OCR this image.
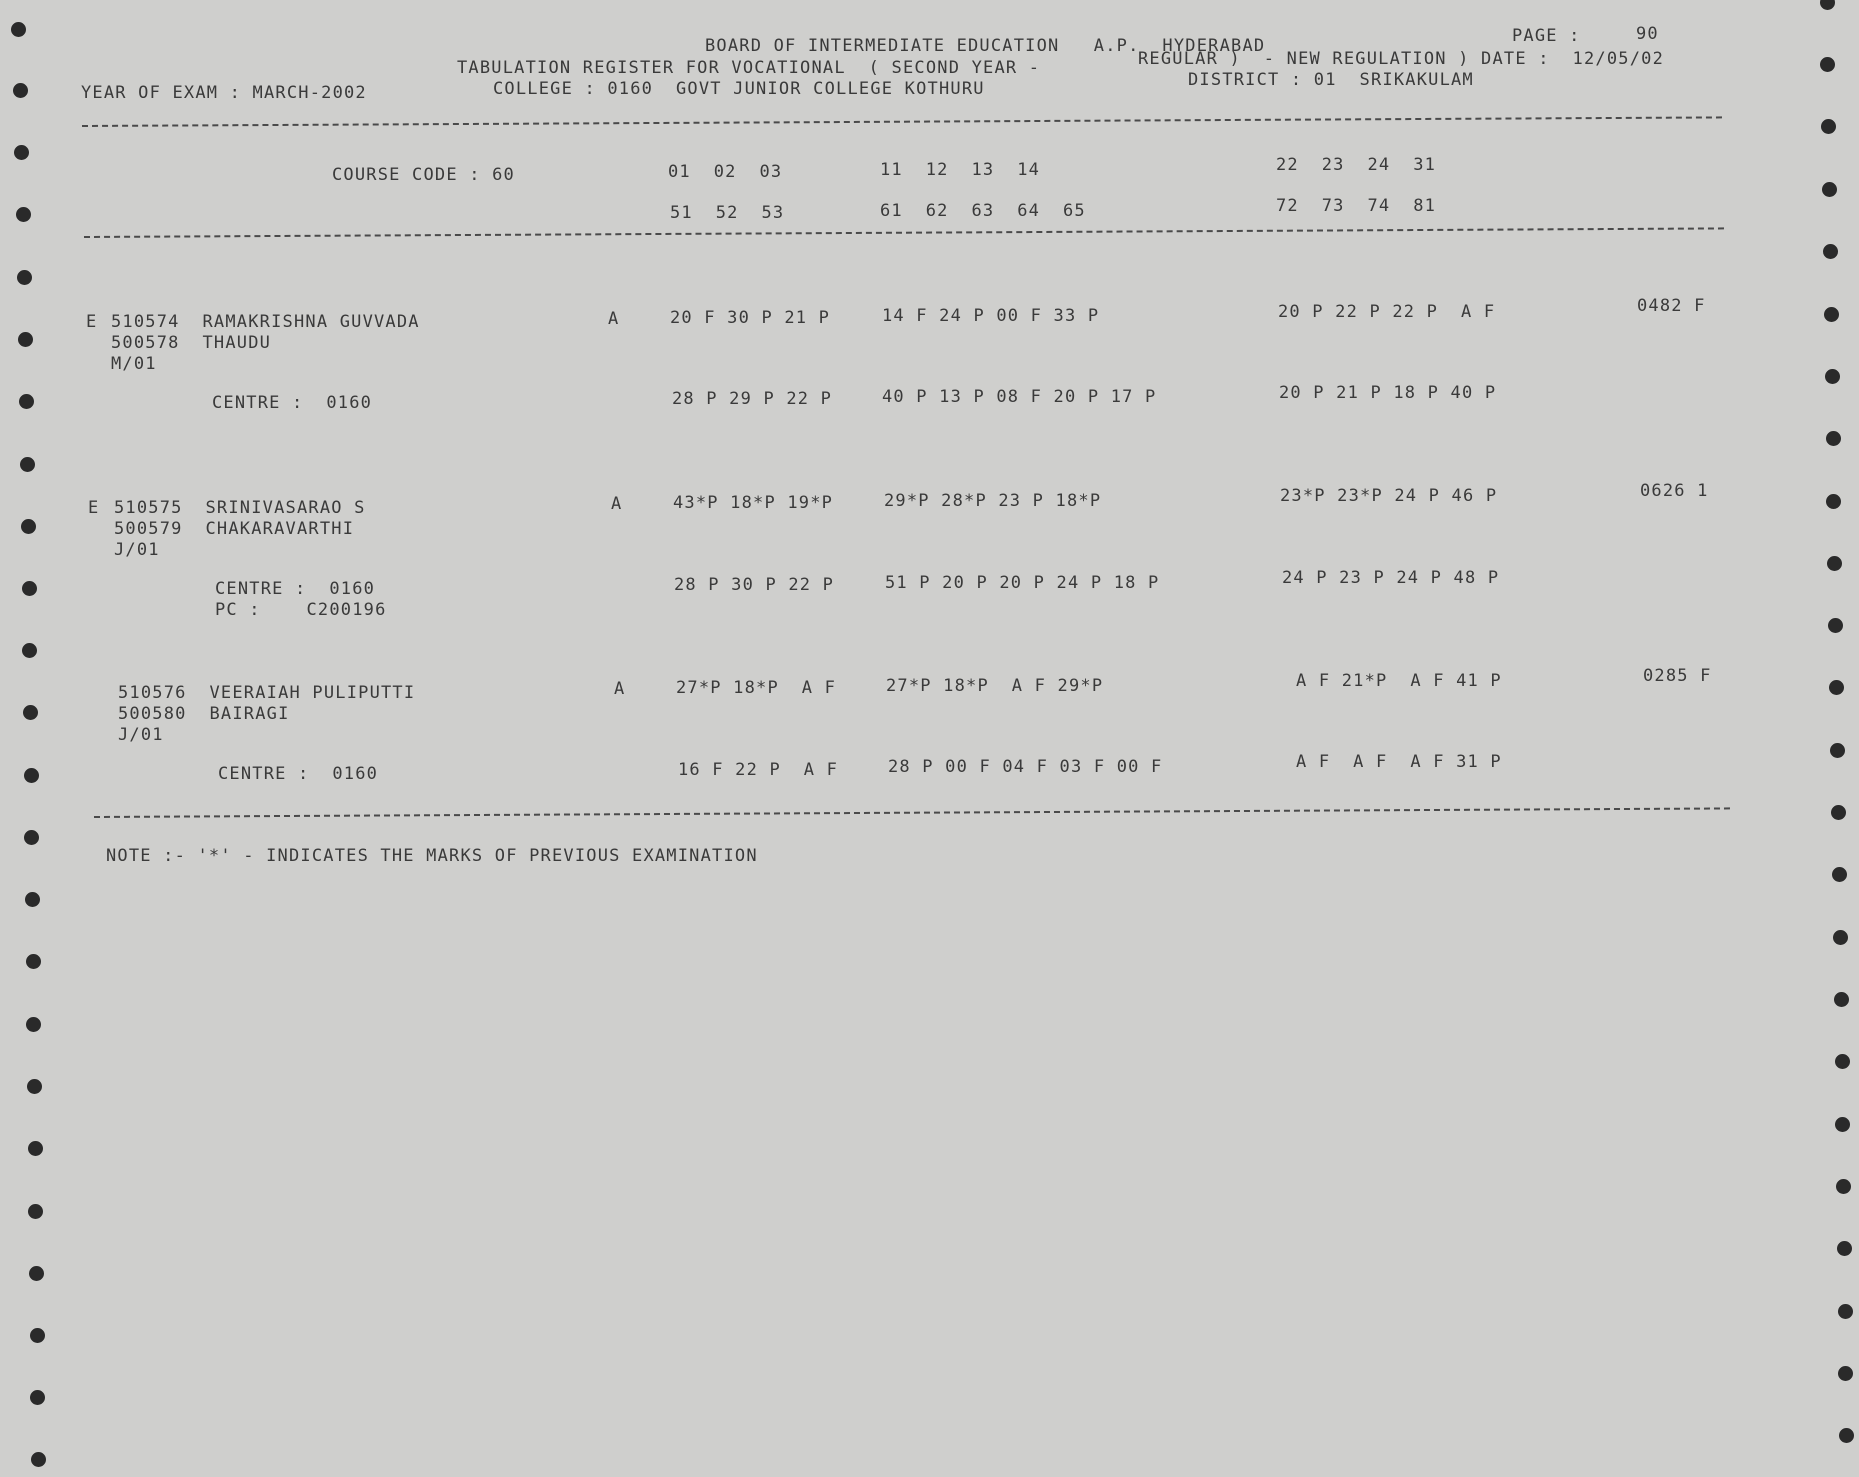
BOARD OF INTERMEDIATE EDUCATION   A.P.  HYDERABAD	PAGE :	90
TABULATION REGISTER FOR VOCATIONAL  ( SECOND YEAR -	REGULAR )  - NEW REGULATION ) DATE :  12/05/02
YEAR OF EXAM : MARCH-2002	COLLEGE : 0160  GOVT JUNIOR COLLEGE KOTHURU	DISTRICT : 01  SRIKAKULAM
COURSE CODE : 60	01  02  03	11  12  13  14	22  23  24  31
51  52  53	61  62  63  64  65	72  73  74  81
E 510574  RAMAKRISHNA GUVVADA
500578  THAUDU
M/01
A	20 F 30 P 21 P	14 F 24 P 00 F 33 P	20 P 22 P 22 P  A F	0482 F
CENTRE :  0160	28 P 29 P 22 P	40 P 13 P 08 F 20 P 17 P	20 P 21 P 18 P 40 P
E 510575  SRINIVASARAO S
500579  CHAKARAVARTHI
J/01
A	43*P 18*P 19*P	29*P 28*P 23 P 18*P	23*P 23*P 24 P 46 P	0626 1
CENTRE :  0160
PC :    C200196
28 P 30 P 22 P	51 P 20 P 20 P 24 P 18 P	24 P 23 P 24 P 48 P
510576  VEERAIAH PULIPUTTI
500580  BAIRAGI
J/01
A	27*P 18*P  A F	27*P 18*P  A F 29*P	A F 21*P  A F 41 P	0285 F
CENTRE :  0160	16 F 22 P  A F	28 P 00 F 04 F 03 F 00 F	A F  A F  A F 31 P
NOTE :- '*' - INDICATES THE MARKS OF PREVIOUS EXAMINATION
